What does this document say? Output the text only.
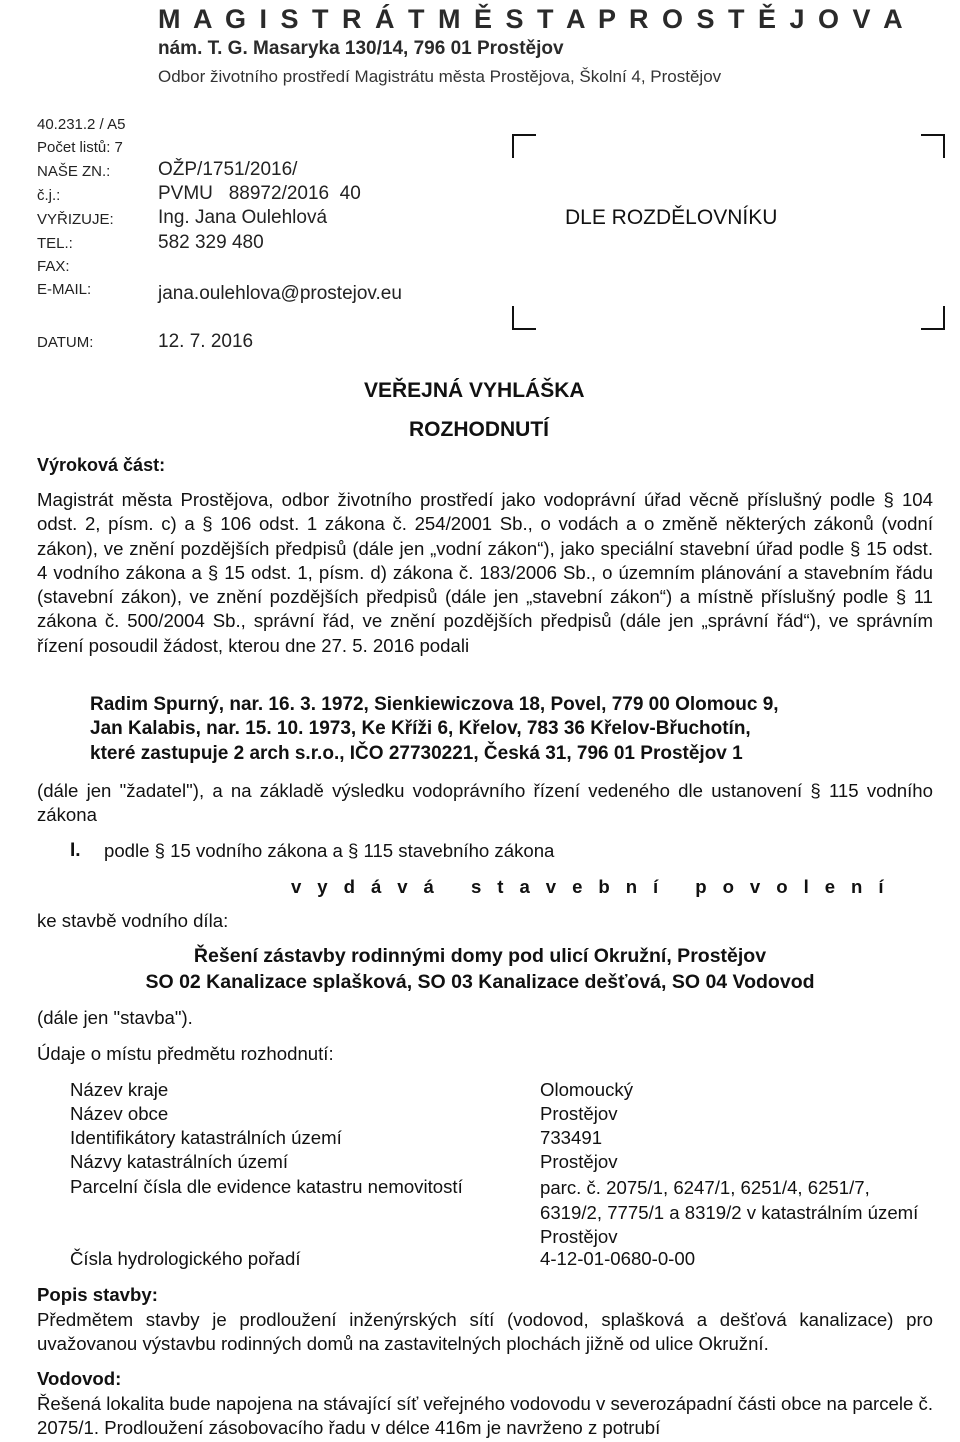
M A G I S T R Á T M Ě S T A P R O S T Ě J O V A
nám. T. G. Masaryka 130/14, 796 01 Prostějov
Odbor životního prostředí Magistrátu města Prostějova, Školní 4, Prostějov
40.231.2 / A5
Počet listů: 7
NAŠE ZN.:	OŽP/1751/2016/
č.j.:	PVMU   88972/2016  40
VYŘIZUJE: Ing. Jana Oulehlová
TEL.:	582 329 480
FAX:
E-MAIL:	jana.oulehlova@prostejov.eu
DATUM:	12. 7. 2016
DLE ROZDĚLOVNÍKU
VEŘEJNÁ VYHLÁŠKA
ROZHODNUTÍ
Výroková část:
Magistrát města Prostějova, odbor životního prostředí jako vodoprávní úřad věcně příslušný podle § 104 odst. 2, písm. c) a § 106 odst. 1 zákona č. 254/2001 Sb., o vodách a o změně některých zákonů (vodní zákon), ve znění pozdějších předpisů (dále jen „vodní zákon“), jako speciální stavební úřad podle § 15 odst. 4 vodního zákona a § 15 odst. 1, písm. d) zákona č. 183/2006 Sb., o územním plánování a stavebním řádu (stavební zákon), ve znění pozdějších předpisů (dále jen „stavební zákon“) a místně příslušný podle § 11 zákona č. 500/2004 Sb., správní řád, ve znění pozdějších předpisů (dále jen „správní řád“), ve správním řízení posoudil žádost, kterou dne 27. 5. 2016 podali
Radim Spurný, nar. 16. 3. 1972, Sienkiewiczova 18, Povel, 779 00 Olomouc 9,
Jan Kalabis, nar. 15. 10. 1973, Ke Kříži 6, Křelov, 783 36 Křelov-Břuchotín,
které zastupuje 2 arch s.r.o., IČO 27730221, Česká 31, 796 01 Prostějov 1
(dále jen "žadatel"), a na základě výsledku vodoprávního řízení vedeného dle ustanovení § 115 vodního zákona
I. podle § 15 vodního zákona a § 115 stavebního zákona
v y d á v á   s t a v e b n í   p o v o l e n í
ke stavbě vodního díla:
Řešení zástavby rodinnými domy pod ulicí Okružní, Prostějov
SO 02 Kanalizace splašková, SO 03 Kanalizace dešťová, SO 04 Vodovod
(dále jen "stavba").
Údaje o místu předmětu rozhodnutí:
Název kraje	Olomoucký
Název obce	Prostějov
Identifikátory katastrálních území	733491
Názvy katastrálních území	Prostějov
Parcelní čísla dle evidence katastru nemovitostí	parc. č. 2075/1, 6247/1, 6251/4, 6251/7, 6319/2, 7775/1 a 8319/2 v katastrálním území Prostějov
Čísla hydrologického pořadí	4-12-01-0680-0-00
Popis stavby:
Předmětem stavby je prodloužení inženýrských sítí (vodovod, splašková a dešťová kanalizace) pro uvažovanou výstavbu rodinných domů na zastavitelných plochách jižně od ulice Okružní.
Vodovod:
Řešená lokalita bude napojena na stávající síť veřejného vodovodu v severozápadní části obce na parcele č. 2075/1. Prodloužení zásobovacího řadu v délce 416m je navrženo z potrubí
